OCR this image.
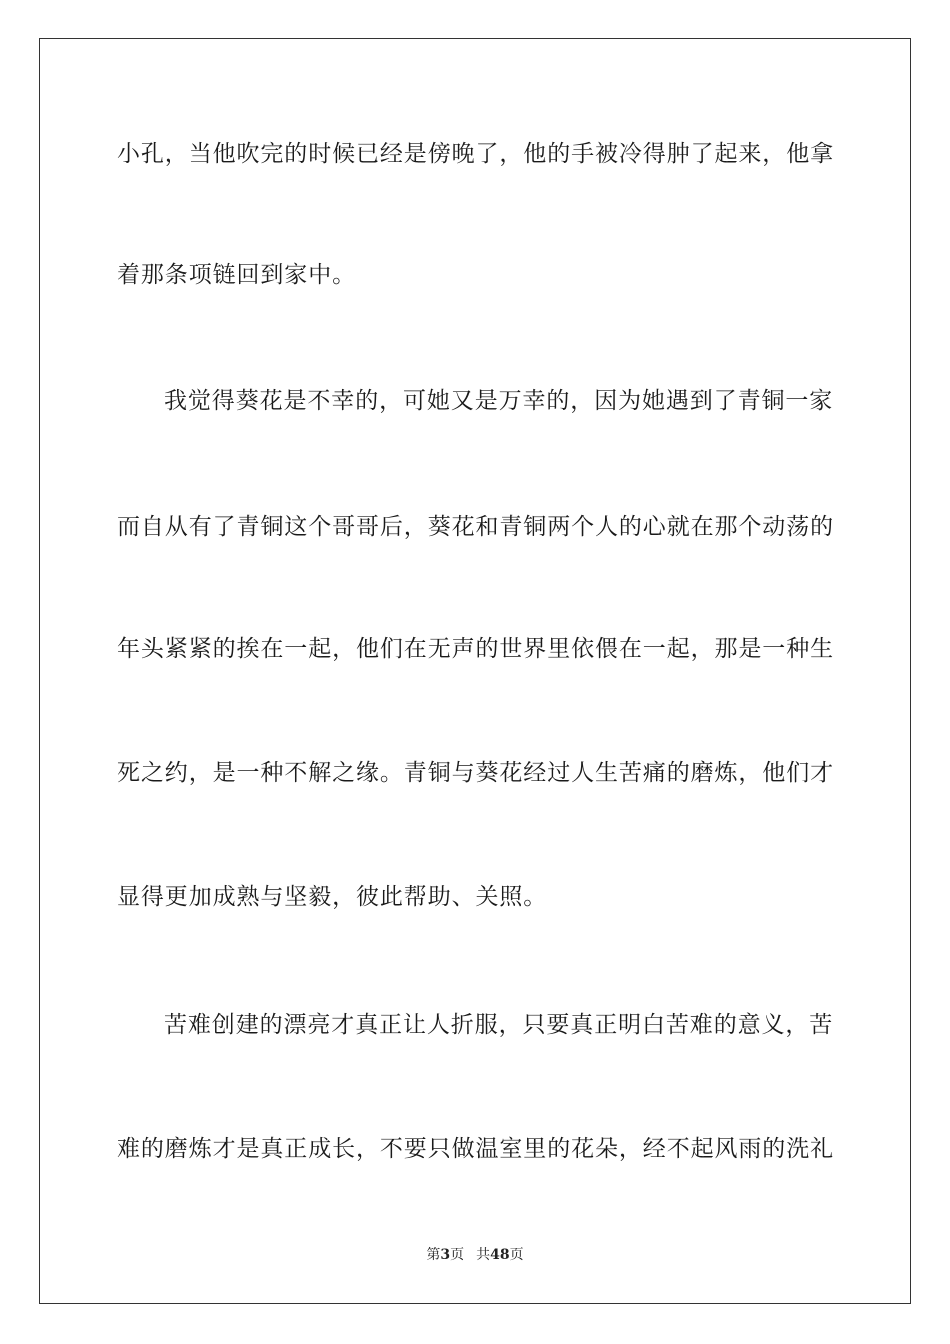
小孔，当他吹完的时候已经是傍晚了，他的手被冷得肿了起来，他拿
着那条项链回到家中。
我觉得葵花是不幸的，可她又是万幸的，因为她遇到了青铜一家
而自从有了青铜这个哥哥后，葵花和青铜两个人的心就在那个动荡的
年头紧紧的挨在一起，他们在无声的世界里依偎在一起，那是一种生
死之约，是一种不解之缘。青铜与葵花经过人生苦痛的磨炼，他们才
显得更加成熟与坚毅，彼此帮助、关照。
苦难创建的漂亮才真正让人折服，只要真正明白苦难的意义，苦
难的磨炼才是真正成长，不要只做温室里的花朵，经不起风雨的洗礼
第3页 共48页
